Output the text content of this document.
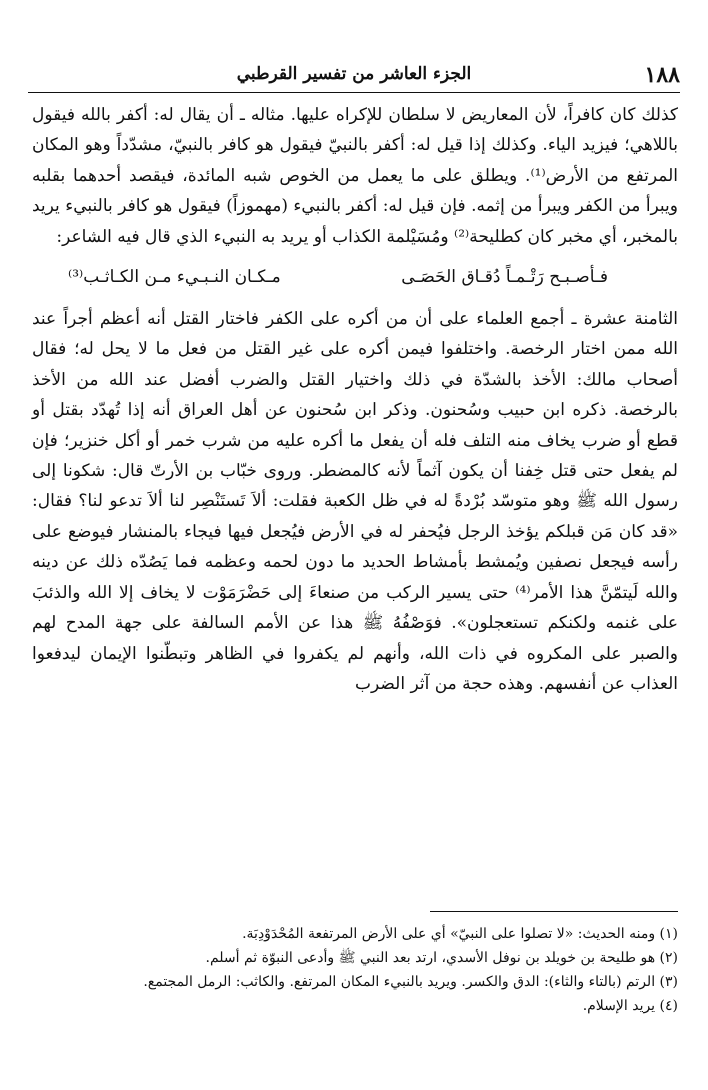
١٨٨
الجزء العاشر من تفسير القرطبي

كذلك كان كافراً، لأن المعاريض لا سلطان للإكراه عليها. مثاله ـ أن يقال له: أكفر بالله فيقول باللاهي؛ فيزيد الياء. وكذلك إذا قيل له: أكفر بالنبيّ فيقول هو كافر بالنبيّ، مشدّداً وهو المكان المرتفع من الأرض⁽¹⁾. ويطلق على ما يعمل من الخوص شبه المائدة، فيقصد أحدهما بقلبه ويبرأ من الكفر ويبرأ من إثمه. فإن قيل له: أكفر بالنبيء (مهموزاً) فيقول هو كافر بالنبيء يريد بالمخبر، أي مخبر كان كطليحة⁽²⁾ ومُسَيْلمة الكذاب أو يريد به النبيء الذي قال فيه الشاعر:

فـأصـبـح رَتْـمـاً دُقـاق الحَصَـى
مـكـان النـبـيء مـن الكـاثـب⁽³⁾

الثامنة عشرة ـ أجمع العلماء على أن من أكره على الكفر فاختار القتل أنه أعظم أجراً عند الله ممن اختار الرخصة. واختلفوا فيمن أكره على غير القتل من فعل ما لا يحل له؛ فقال أصحاب مالك: الأخذ بالشدّة في ذلك واختيار القتل والضرب أفضل عند الله من الأخذ بالرخصة. ذكره ابن حبيب وسُحنون. وذكر ابن سُحنون عن أهل العراق أنه إذا تُهدّد بقتل أو قطع أو ضرب يخاف منه التلف فله أن يفعل ما أكره عليه من شرب خمر أو أكل خنزير؛ فإن لم يفعل حتى قتل خِفنا أن يكون آثماً لأنه كالمضطر. وروى خبّاب بن الأرتّ قال: شكونا إلى رسول الله ﷺ وهو متوسّد بُرْدةً له في ظل الكعبة فقلت: ألاَ تَستَنْصِر لنا ألاَ تدعو لنا؟ فقال: «قد كان مَن قبلكم يؤخذ الرجل فيُحفر له في الأرض فيُجعل فيها فيجاء بالمنشار فيوضع على رأسه فيجعل نصفين ويُمشط بأمشاط الحديد ما دون لحمه وعظمه فما يَصُدّه ذلك عن دينه والله لَيتمّنَّ هذا الأمر⁽⁴⁾ حتى يسير الركب من صنعاءَ إلى حَضْرَمَوْت لا يخاف إلا الله والذئبَ على غنمه ولكنكم تستعجلون». فوَصْفُهُ ﷺ هذا عن الأمم السالفة على جهة المدح لهم والصبر على المكروه في ذات الله، وأنهم لم يكفروا في الظاهر وتبطّنوا الإيمان ليدفعوا العذاب عن أنفسهم. وهذه حجة من آثر الضرب

(١) ومنه الحديث: «لا تصلوا على النبيّ» أي على الأرض المرتفعة المُحْدَوْدِبَة.
(٢) هو طليحة بن خويلد بن نوفل الأسدي، ارتد بعد النبي ﷺ وأدعى النبوّة ثم أسلم.
(٣) الرتم (بالتاء والثاء): الدق والكسر. ويريد بالنبيء المكان المرتفع. والكاثب: الرمل المجتمع.
(٤) يريد الإسلام.
